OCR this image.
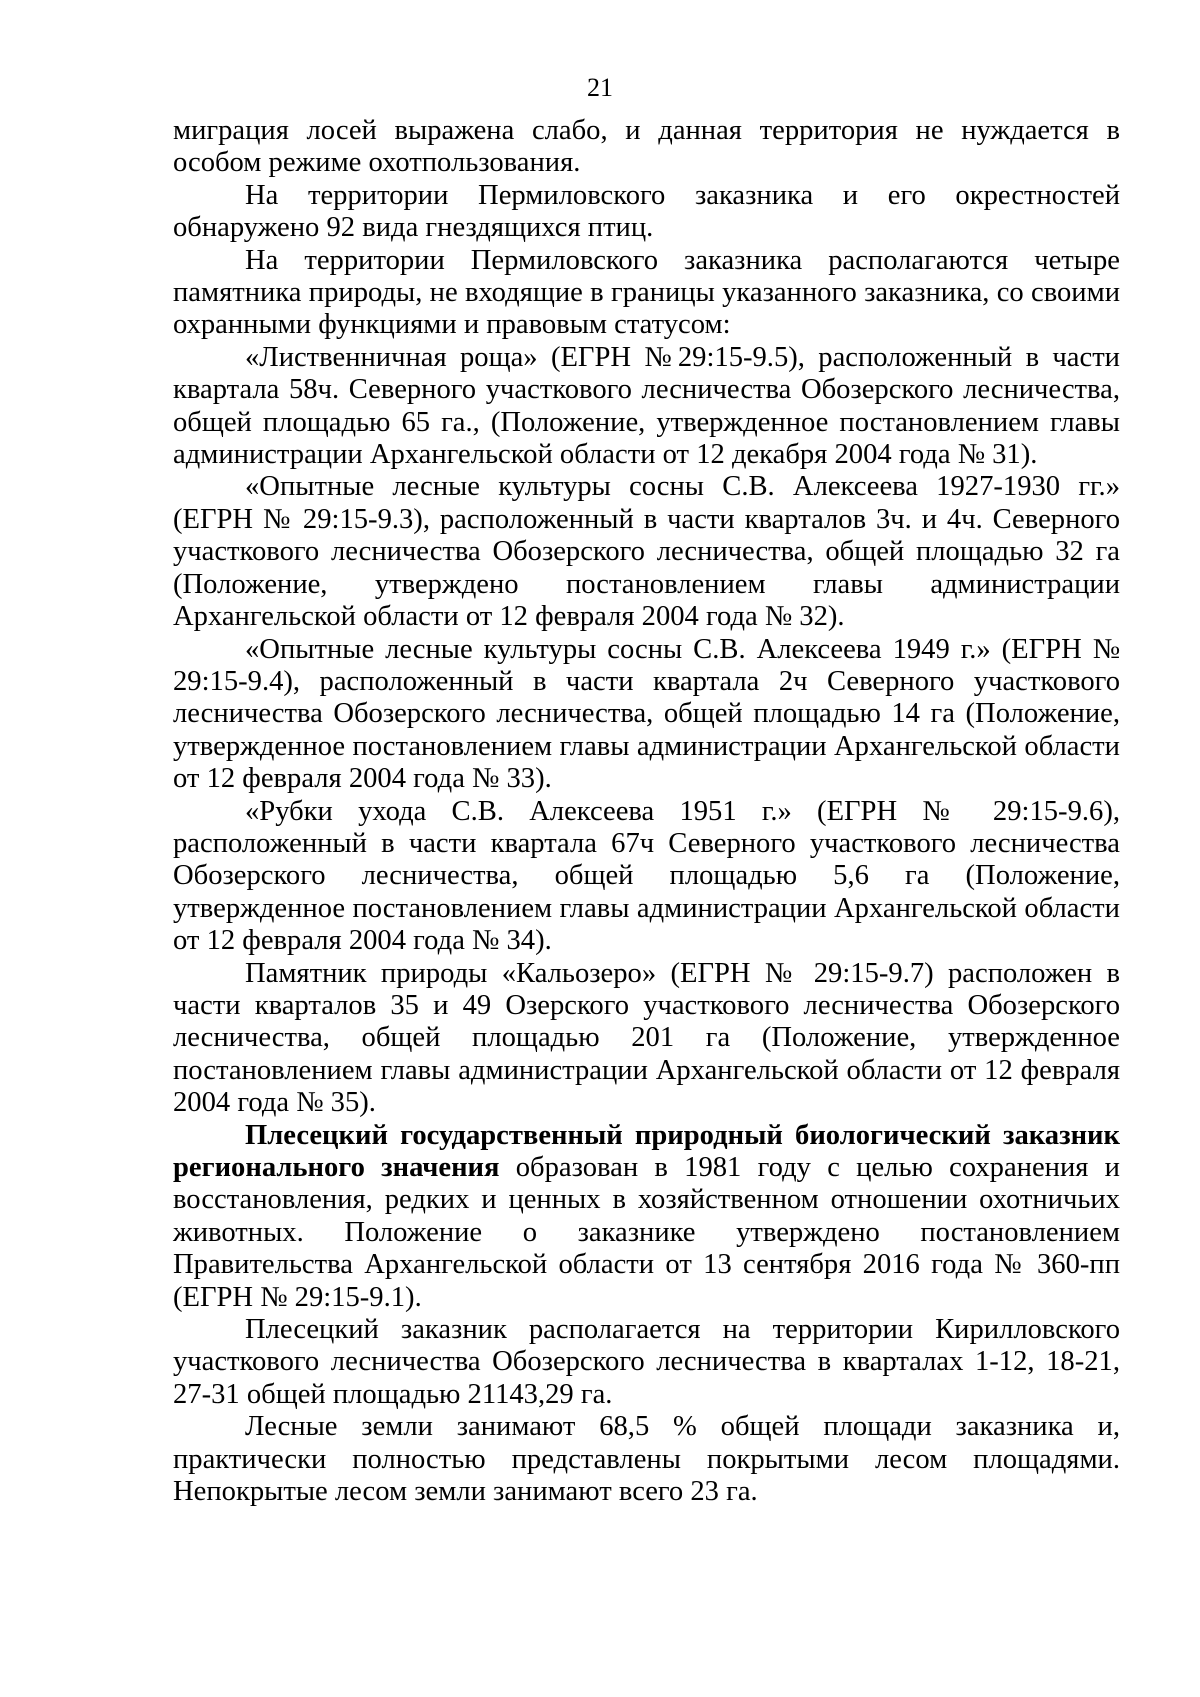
21

миграция лосей выражена слабо, и данная территория не нуждается в особом режиме охотпользования.

На территории Пермиловского заказника и его окрестностей обнаружено 92 вида гнездящихся птиц.

На территории Пермиловского заказника располагаются четыре памятника природы, не входящие в границы указанного заказника, со своими охранными функциями и правовым статусом:

«Лиственничная роща» (ЕГРН №29:15-9.5), расположенный в части квартала 58ч. Северного участкового лесничества Обозерского лесничества, общей площадью 65 га., (Положение, утвержденное постановлением главы администрации Архангельской области от 12 декабря 2004 года № 31).

«Опытные лесные культуры сосны С.В. Алексеева 1927-1930 гг.» (ЕГРН № 29:15-9.3), расположенный в части кварталов 3ч. и 4ч. Северного участкового лесничества Обозерского лесничества, общей площадью 32 га (Положение, утверждено постановлением главы администрации Архангельской области от 12 февраля 2004 года № 32).

«Опытные лесные культуры сосны С.В. Алексеева 1949 г.» (ЕГРН № 29:15-9.4), расположенный в части квартала 2ч Северного участкового лесничества Обозерского лесничества, общей площадью 14 га (Положение, утвержденное постановлением главы администрации Архангельской области от 12 февраля 2004 года № 33).

«Рубки ухода С.В. Алексеева 1951 г.» (ЕГРН № 29:15-9.6), расположенный в части квартала 67ч Северного участкового лесничества Обозерского лесничества, общей площадью 5,6 га (Положение, утвержденное постановлением главы администрации Архангельской области от 12 февраля 2004 года № 34).

Памятник природы «Кальозеро» (ЕГРН № 29:15-9.7) расположен в части кварталов 35 и 49 Озерского участкового лесничества Обозерского лесничества, общей площадью 201 га (Положение, утвержденное постановлением главы администрации Архангельской области от 12 февраля 2004 года № 35).

Плесецкий государственный природный биологический заказник регионального значения образован в 1981 году с целью сохранения и восстановления, редких и ценных в хозяйственном отношении охотничьих животных. Положение о заказнике утверждено постановлением Правительства Архангельской области от 13 сентября 2016 года № 360-пп (ЕГРН № 29:15-9.1).

Плесецкий заказник располагается на территории Кирилловского участкового лесничества Обозерского лесничества в кварталах 1-12, 18-21, 27-31 общей площадью 21143,29 га.

Лесные земли занимают 68,5 % общей площади заказника и, практически полностью представлены покрытыми лесом площадями. Непокрытые лесом земли занимают всего 23 га.
